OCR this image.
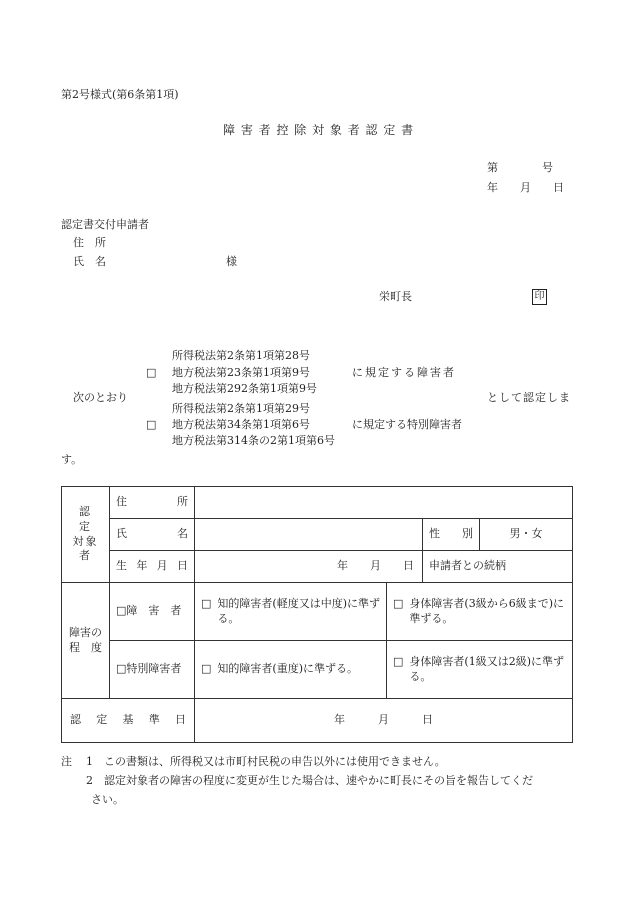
第2号様式(第6条第1項)
障 害 者 控 除 対 象 者 認 定 書
第　　　　号
年　　月　　日
認定書交付申請者
住　所
氏　名	様
栄町長	印
次のとおり
□
所得税法第2条第1項第28号
地方税法第23条第1項第9号
地方税法第292条第1項第9号
に規定する障害者
□
所得税法第2条第1項第29号
地方税法第34条第1項第6号
地方税法第314条の2第1項第6号
に規定する特別障害者
として認定しま
す。
認　定
対象者	住所					
	氏名			性別	男・女	
	生年月日	年　　月　　日		申請者との続柄		
障害の
程　度	□障　害　者	□ 知的障害者(軽度又は中度)に準ずる。	□ 身体障害者(3級から6級まで)に準ずる。			

	□特別障害者	□ 知的障害者(重度)に準ずる。	□ 身体障害者(1級又は2級)に準ずる。			

認定基準日		年　　　月　　　日				
注 1 この書類は、所得税又は市町村民税の申告以外には使用できません。
2 認定対象者の障害の程度に変更が生じた場合は、速やかに町長にその旨を報告してくだ
さい。
